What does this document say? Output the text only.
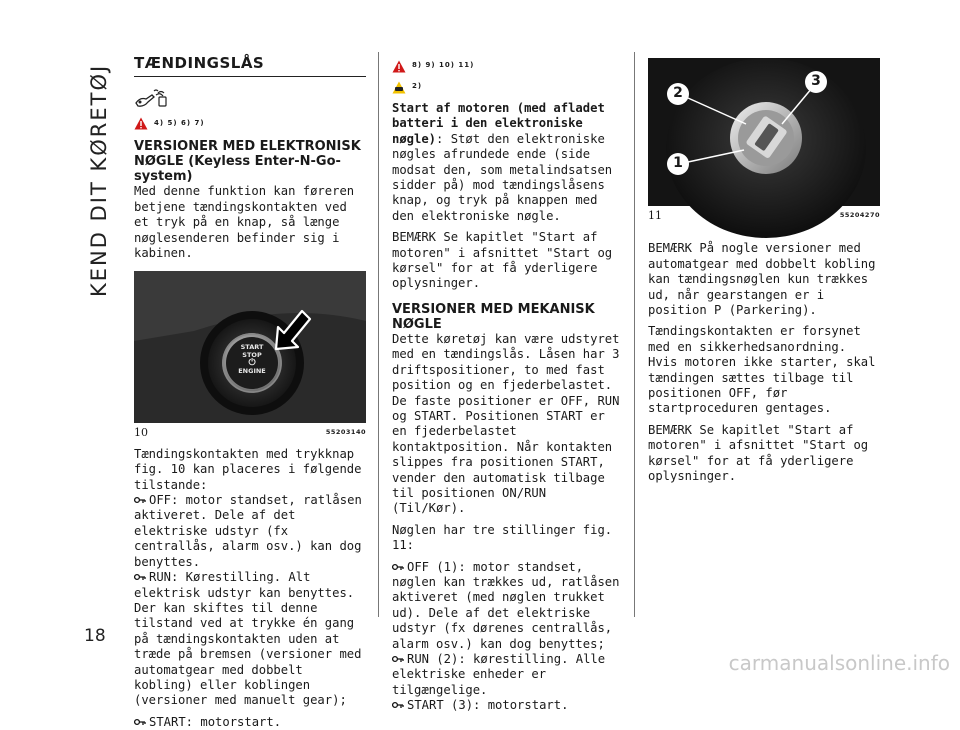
KEND DIT KØRETØJ
18
TÆNDINGSLÅS
4) 5) 6) 7)
VERSIONER MED ELEKTRONISK NØGLE (Keyless Enter-N-Go-system)

Med denne funktion kan føreren betjene tændingskontakten ved et tryk på en knap, så længe nøglesenderen befinder sig i kabinen.

START
STOP
⏻
ENGINE
10	55203140

Tændingskontakten med trykknap fig. 10 kan placeres i følgende tilstande:

OFF: motor standset, ratlåsen aktiveret. Dele af det elektriske udstyr (fx centrallås, alarm osv.) kan dog benyttes.

RUN: Kørestilling. Alt elektrisk udstyr kan benyttes.

Der kan skiftes til denne tilstand ved at trykke én gang på tændingskontakten uden at træde på bremsen (versioner med automatgear med dobbelt kobling) eller koblingen (versioner med manuelt gear);

START: motorstart.

8) 9) 10) 11)
2)

Start af motoren (med afladet batteri i den elektroniske nøgle): Støt den elektroniske nøgles afrundede ende (side modsat den, som metalindsatsen sidder på) mod tændingslåsens knap, og tryk på knappen med den elektroniske nøgle.

BEMÆRK Se kapitlet "Start af motoren" i afsnittet "Start og kørsel" for at få yderligere oplysninger.

VERSIONER MED MEKANISK NØGLE

Dette køretøj kan være udstyret med en tændingslås. Låsen har 3 driftspositioner, to med fast position og en fjederbelastet. De faste positioner er OFF, RUN og START. Positionen START er en fjederbelastet kontaktposition. Når kontakten slippes fra positionen START, vender den automatisk tilbage til positionen ON/RUN (Til/Kør).

Nøglen har tre stillinger fig. 11:

OFF (1): motor standset, nøglen kan trækkes ud, ratlåsen aktiveret (med nøglen trukket ud). Dele af det elektriske udstyr (fx dørenes centrallås, alarm osv.) kan dog benyttes;

RUN (2): kørestilling. Alle elektriske enheder er tilgængelige.

START (3): motorstart.

2
3
1
11	55204270

BEMÆRK På nogle versioner med automatgear med dobbelt kobling kan tændingsnøglen kun trækkes ud, når gearstangen er i position P (Parkering).

Tændingskontakten er forsynet med en sikkerhedsanordning. Hvis motoren ikke starter, skal tændingen sættes tilbage til positionen OFF, før startproceduren gentages.

BEMÆRK Se kapitlet "Start af motoren" i afsnittet "Start og kørsel" for at få yderligere oplysninger.

carmanualsonline.info
